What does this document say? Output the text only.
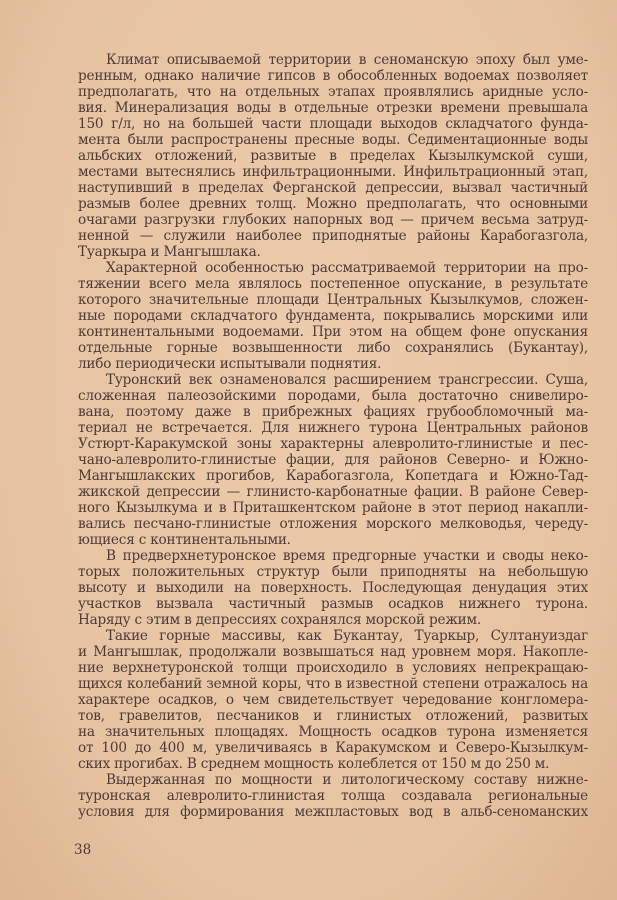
Климат описываемой территории в сеноманскую эпоху был уме-
ренным, однако наличие гипсов в обособленных водоемах позволяет
предполагать, что на отдельных этапах проявлялись аридные усло-
вия. Минерализация воды в отдельные отрезки времени превышала
150 г/л, но на большей части площади выходов складчатого фунда-
мента были распространены пресные воды. Седиментационные воды
альбских отложений, развитые в пределах Кызылкумской суши,
местами вытеснялись инфильтрационными. Инфильтрационный этап,
наступивший в пределах Ферганской депрессии, вызвал частичный
размыв более древних толщ. Можно предполагать, что основными
очагами разгрузки глубоких напорных вод — причем весьма затруд-
ненной — служили наиболее приподнятые районы Карабогазгола,
Туаркыра и Мангышлака.
Характерной особенностью рассматриваемой территории на про-
тяжении всего мела являлось постепенное опускание, в результате
которого значительные площади Центральных Кызылкумов, сложен-
ные породами складчатого фундамента, покрывались морскими или
континентальными водоемами. При этом на общем фоне опускания
отдельные горные возвышенности либо сохранялись (Букантау),
либо периодически испытывали поднятия.
Туронский век ознаменовался расширением трансгрессии. Суша,
сложенная палеозойскими породами, была достаточно снивелиро-
вана, поэтому даже в прибрежных фациях грубообломочный ма-
териал не встречается. Для нижнего турона Центральных районов
Устюрт-Каракумской зоны характерны алевролито-глинистые и пес-
чано-алевролито-глинистые фации, для районов Северно- и Южно-
Мангышлакских прогибов, Карабогазгола, Копетдага и Южно-Тад-
жикской депрессии — глинисто-карбонатные фации. В районе Север-
ного Кызылкума и в Приташкентском районе в этот период накапли-
вались песчано-глинистые отложения морского мелководья, череду-
ющиеся с континентальными.
В предверхнетуронское время предгорные участки и своды неко-
торых положительных структур были приподняты на небольшую
высоту и выходили на поверхность. Последующая денудация этих
участков вызвала частичный размыв осадков нижнего турона.
Наряду с этим в депрессиях сохранялся морской режим.
Такие горные массивы, как Букантау, Туаркыр, Султануиздаг
и Мангышлак, продолжали возвышаться над уровнем моря. Накопле-
ние верхнетуронской толщи происходило в условиях непрекращаю-
щихся колебаний земной коры, что в известной степени отражалось на
характере осадков, о чем свидетельствует чередование конгломера-
тов, гравелитов, песчаников и глинистых отложений, развитых
на значительных площадях. Мощность осадков турона изменяется
от 100 до 400 м, увеличиваясь в Каракумском и Северо-Кызылкум-
ских прогибах. В среднем мощность колеблется от 150 м до 250 м.
Выдержанная по мощности и литологическому составу нижне-
туронская алевролито-глинистая толща создавала региональные
условия для формирования межпластовых вод в альб-сеноманских
38
